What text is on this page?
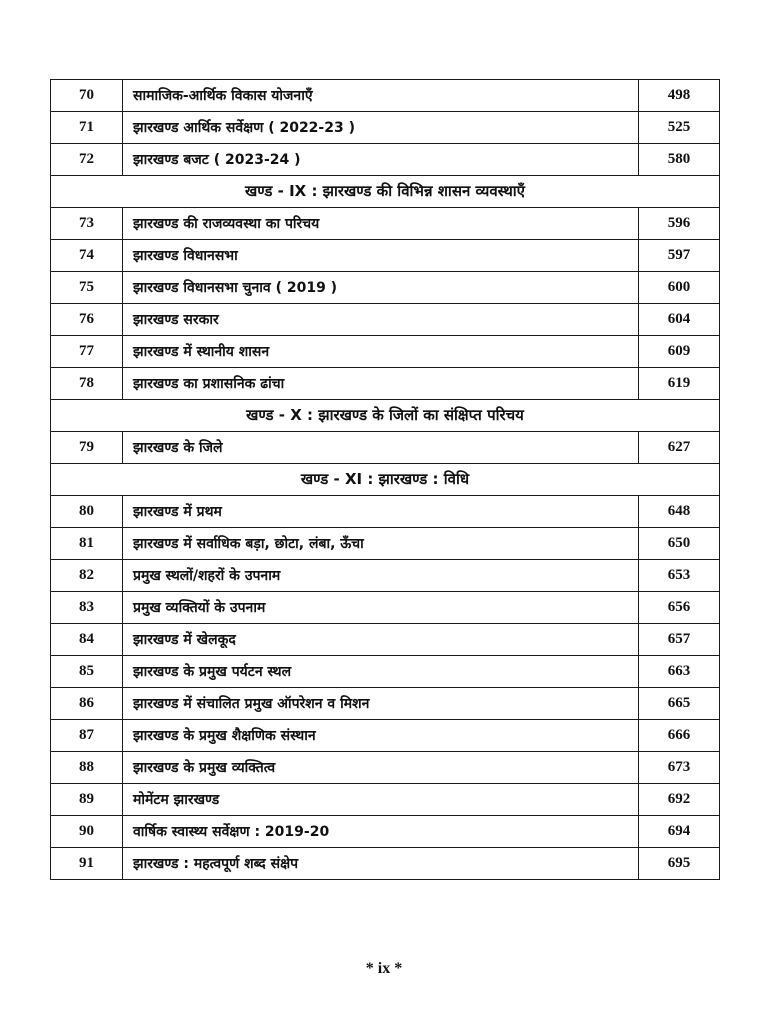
70	सामाजिक-आर्थिक विकास योजनाएँ	498
71	झारखण्ड आर्थिक सर्वेक्षण ( 2022-23 )	525
72	झारखण्ड बजट ( 2023-24 )	580
खण्ड - IX : झारखण्ड की विभिन्न शासन व्यवस्थाएँ		
73	झारखण्ड की राजव्यवस्था का परिचय	596
74	झारखण्ड विधानसभा	597
75	झारखण्ड विधानसभा चुनाव ( 2019 )	600
76	झारखण्ड सरकार	604
77	झारखण्ड में स्थानीय शासन	609
78	झारखण्ड का प्रशासनिक ढांचा	619
खण्ड - X : झारखण्ड के जिलों का संक्षिप्त परिचय		
79	झारखण्ड के जिले	627
खण्ड - XI : झारखण्ड : विधि		
80	झारखण्ड में प्रथम	648
81	झारखण्ड में सर्वाधिक बड़ा, छोटा, लंबा, ऊँचा	650
82	प्रमुख स्थलों/शहरों के उपनाम	653
83	प्रमुख व्यक्तियों के उपनाम	656
84	झारखण्ड में खेलकूद	657
85	झारखण्ड के प्रमुख पर्यटन स्थल	663
86	झारखण्ड में संचालित प्रमुख ऑपरेशन व मिशन	665
87	झारखण्ड के प्रमुख शैक्षणिक संस्थान	666
88	झारखण्ड के प्रमुख व्यक्तित्व	673
89	मोमेंटम झारखण्ड	692
90	वार्षिक स्वास्थ्य सर्वेक्षण : 2019-20	694
91	झारखण्ड : महत्वपूर्ण शब्द संक्षेप	695
* ix *
